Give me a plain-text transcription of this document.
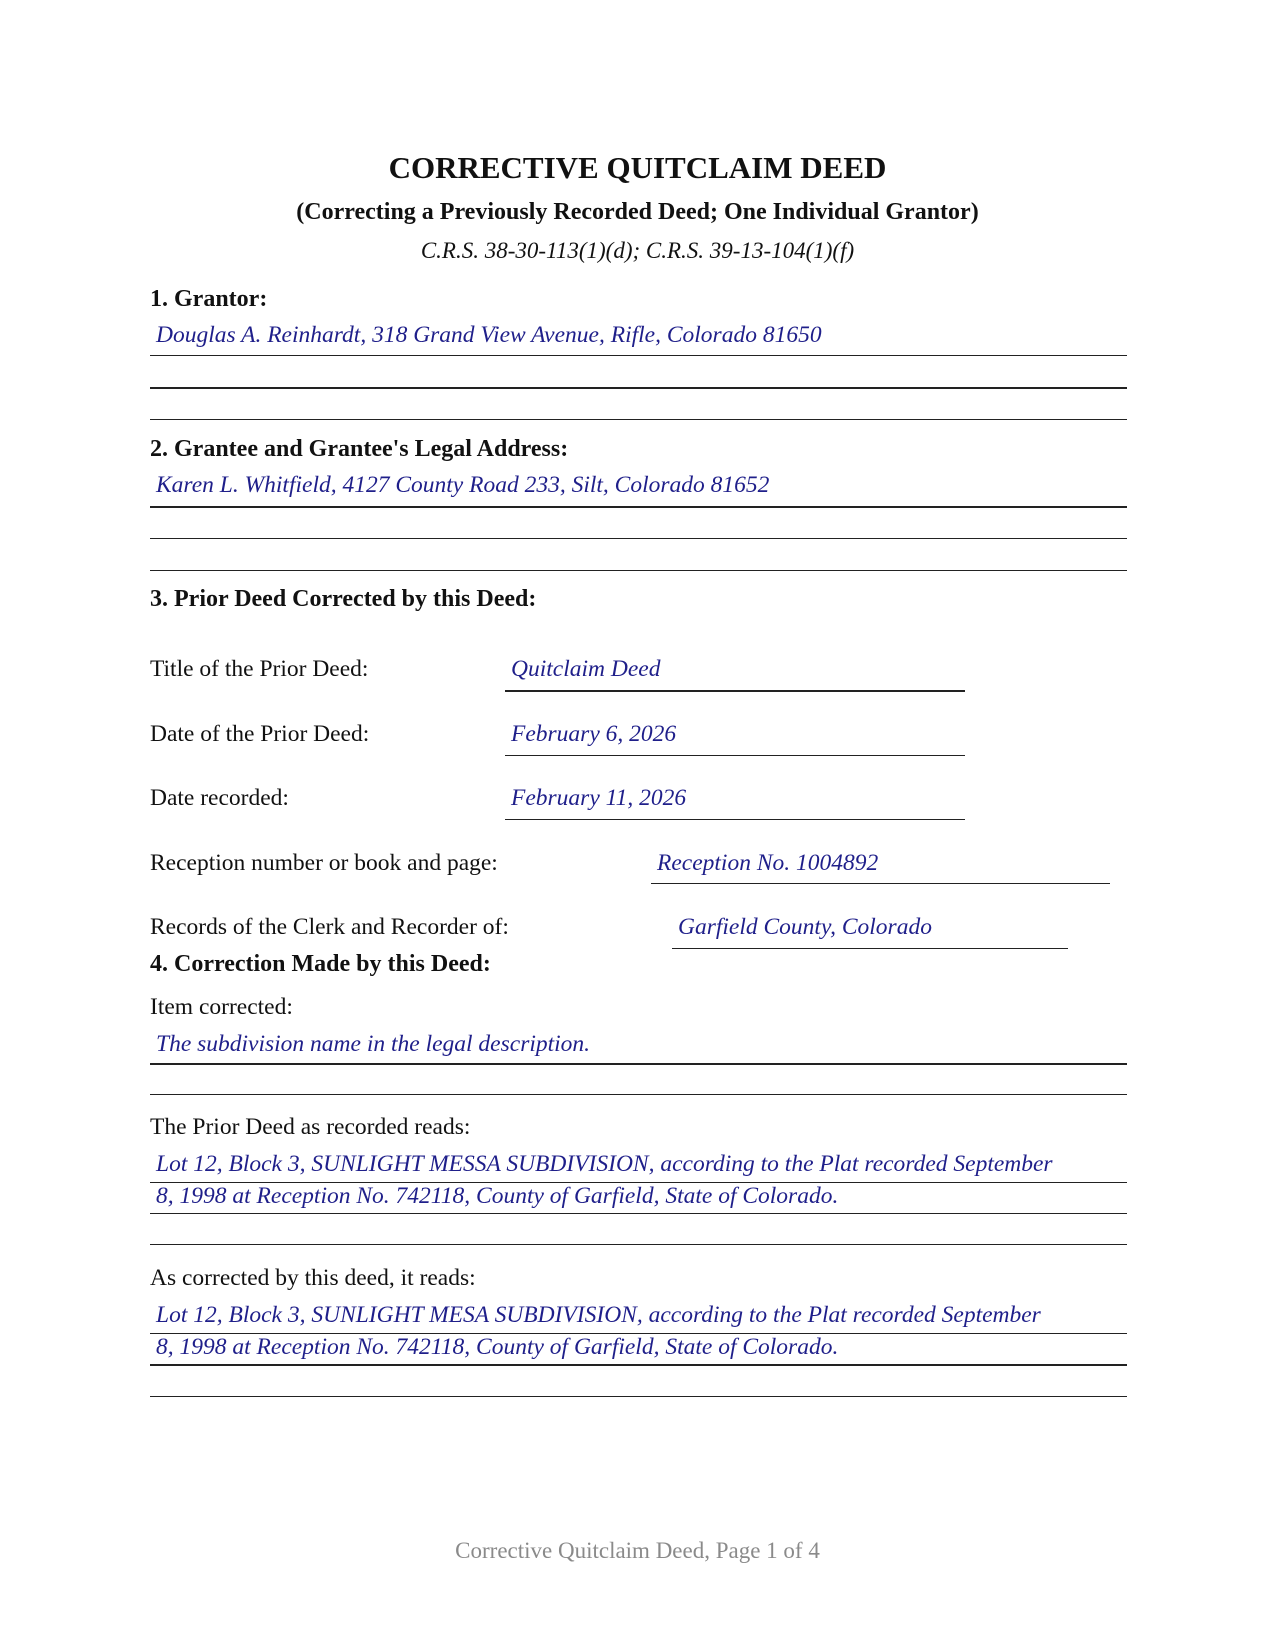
CORRECTIVE QUITCLAIM DEED
(Correcting a Previously Recorded Deed; One Individual Grantor)
C.R.S. 38-30-113(1)(d); C.R.S. 39-13-104(1)(f)
1. Grantor:
Douglas A. Reinhardt, 318 Grand View Avenue, Rifle, Colorado 81650
2. Grantee and Grantee's Legal Address:
Karen L. Whitfield, 4127 County Road 233, Silt, Colorado 81652
3. Prior Deed Corrected by this Deed:
Title of the Prior Deed:	Quitclaim Deed
Date of the Prior Deed:	February 6, 2026
Date recorded:	February 11, 2026
Reception number or book and page:	Reception No. 1004892
Records of the Clerk and Recorder of:	Garfield County, Colorado
4. Correction Made by this Deed:
Item corrected:
The subdivision name in the legal description.
The Prior Deed as recorded reads:
Lot 12, Block 3, SUNLIGHT MESSA SUBDIVISION, according to the Plat recorded September
8, 1998 at Reception No. 742118, County of Garfield, State of Colorado.
As corrected by this deed, it reads:
Lot 12, Block 3, SUNLIGHT MESA SUBDIVISION, according to the Plat recorded September
8, 1998 at Reception No. 742118, County of Garfield, State of Colorado.
Corrective Quitclaim Deed, Page 1 of 4
